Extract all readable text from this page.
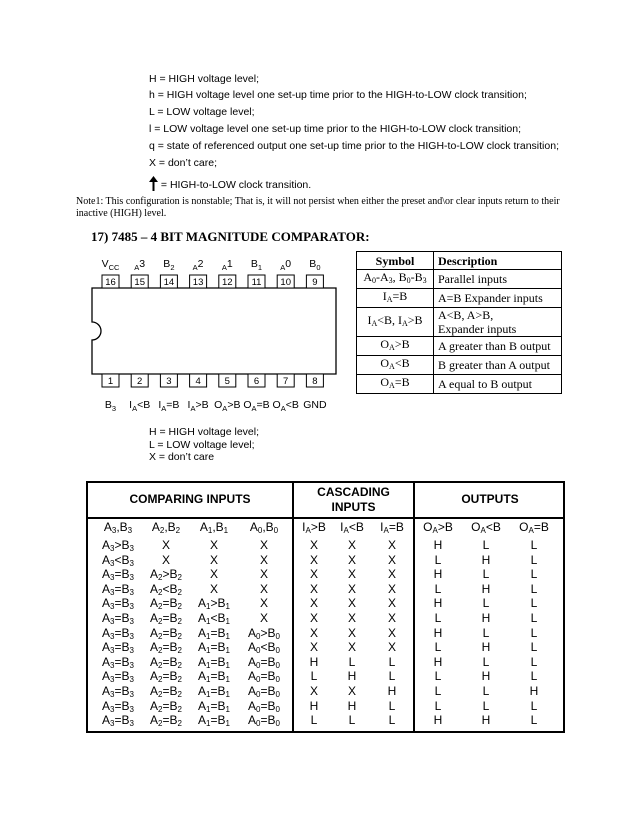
H = HIGH voltage level;
h = HIGH voltage level one set-up time prior to the HIGH-to-LOW clock transition;
L = LOW voltage level;
l = LOW voltage level one set-up time prior to the HIGH-to-LOW clock transition;
q = state of referenced output one set-up time prior to the HIGH-to-LOW clock transition;
X = don’t care;
= HIGH-to-LOW clock transition.
Note1: This configuration is nonstable; That is, it will not persist when either the preset and\or clear inputs return to their inactive (HIGH) level.
17) 7485 – 4 BIT MAGNITUDE COMPARATOR:
16
$V_{CC}$
15
$_A$3
14
$B_2$
13
$_A$2
12
$_A$1
11
$B_1$
10
$_A$0
9
$B_0$
1
$B_3$
2
$I_A<B$
3
$I_A=B$
4
$I_A>B$
5
$O_A>B$
6
$O_A=B$
7
$O_A<B$
8
GND
Symbol	Description
$A_0-A_3$, $B_0-B_3$	Parallel inputs
$I_A=B$	A=B Expander inputs
$I_A<B$, $I_A>B$	A<B, A>B,
Expander inputs
$O_A>B$	A greater than B output
$O_A<B$	B greater than A output
$O_A=B$	A equal to B output
H = HIGH voltage level;
L = LOW voltage level;
X = don’t care
COMPARING INPUTS	CASCADING INPUTS
OUTPUTS
$A_3,B_3$	$A_2,B_2$	$A_1,B_1$	$A_0,B_0$	$I_A>B$	$I_A<B$	$I_A=B$	$O_A>B$	$O_A<B$	$O_A=B$
$A_3>B_3$	X	X	X	X	X	X	H	L	L
$A_3<B_3$	X	X	X	X	X	X	L	H	L
$A_3=B_3$	$A_2>B_2$	X	X	X	X	X	H	L	L
$A_3=B_3$	$A_2<B_2$	X	X	X	X	X	L	H	L
$A_3=B_3$	$A_2=B_2$	$A_1>B_1$	X	X	X	X	H	L	L
$A_3=B_3$	$A_2=B_2$	$A_1<B_1$	X	X	X	X	L	H	L
$A_3=B_3$	$A_2=B_2$	$A_1=B_1$	$A_0>B_0$	X	X	X	H	L	L
$A_3=B_3$	$A_2=B_2$	$A_1=B_1$	$A_0<B_0$	X	X	X	L	H	L
$A_3=B_3$	$A_2=B_2$	$A_1=B_1$	$A_0=B_0$	H	L	L	H	L	L
$A_3=B_3$	$A_2=B_2$	$A_1=B_1$	$A_0=B_0$	L	H	L	L	H	L
$A_3=B_3$	$A_2=B_2$	$A_1=B_1$	$A_0=B_0$	X	X	H	L	L	H
$A_3=B_3$	$A_2=B_2$	$A_1=B_1$	$A_0=B_0$	H	H	L	L	L	L
$A_3=B_3$	$A_2=B_2$	$A_1=B_1$	$A_0=B_0$	L	L	L	H	H	L
